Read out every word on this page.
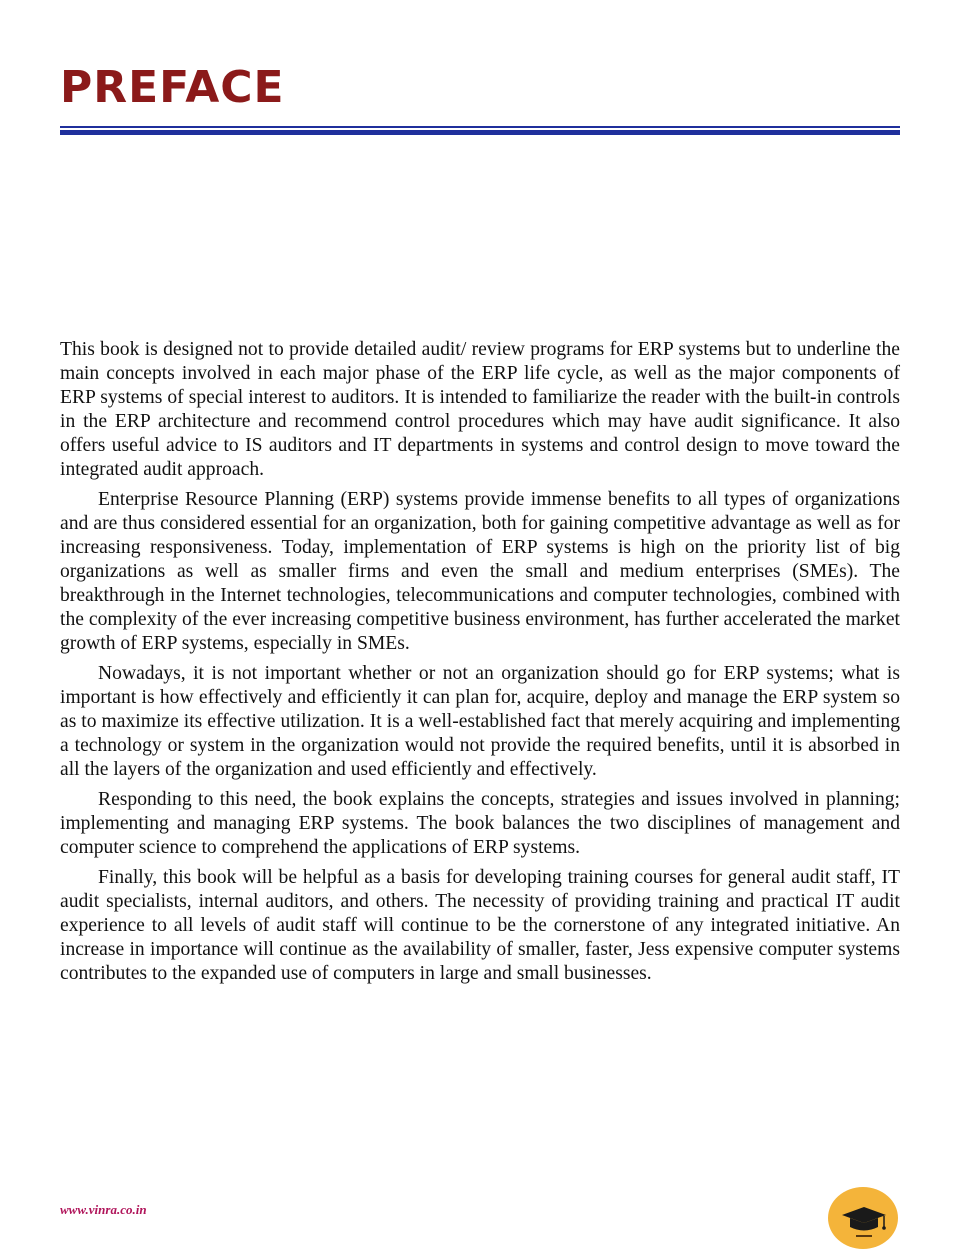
PREFACE

This book is designed not to provide detailed audit/ review programs for ERP systems but to underline the main concepts involved in each major phase of the ERP life cycle, as well as the major components of ERP systems of special interest to auditors. It is intended to familiarize the reader with the built-in controls in the ERP architecture and recommend control procedures which may have audit significance. It also offers useful advice to IS auditors and IT departments in systems and control design to move toward the integrated audit approach.

Enterprise Resource Planning (ERP) systems provide immense benefits to all types of organizations and are thus considered essential for an organization, both for gaining competitive advantage as well as for increasing responsiveness. Today, implementation of ERP systems is high on the priority list of big organizations as well as smaller firms and even the small and medium enterprises (SMEs). The breakthrough in the Internet technologies, telecommunications and computer technologies, combined with the complexity of the ever increasing competitive business environment, has further accelerated the market growth of ERP systems, especially in SMEs.

Nowadays, it is not important whether or not an organization should go for ERP systems; what is important is how effectively and efficiently it can plan for, acquire, deploy and manage the ERP system so as to maximize its effective utilization. It is a well-established fact that merely acquiring and implementing a technology or system in the organization would not provide the required benefits, until it is absorbed in all the layers of the organization and used efficiently and effectively.

Responding to this need, the book explains the concepts, strategies and issues involved in planning; implementing and managing ERP systems. The book balances the two disciplines of management and computer science to comprehend the applications of ERP systems.

Finally, this book will be helpful as a basis for developing training courses for general audit staff, IT audit specialists, internal auditors, and others. The necessity of providing training and practical IT audit experience to all levels of audit staff will continue to be the cornerstone of any integrated initiative. An increase in importance will continue as the availability of smaller, faster, Jess expensive computer systems contributes to the expanded use of computers in large and small businesses.

www.vinra.co.in
